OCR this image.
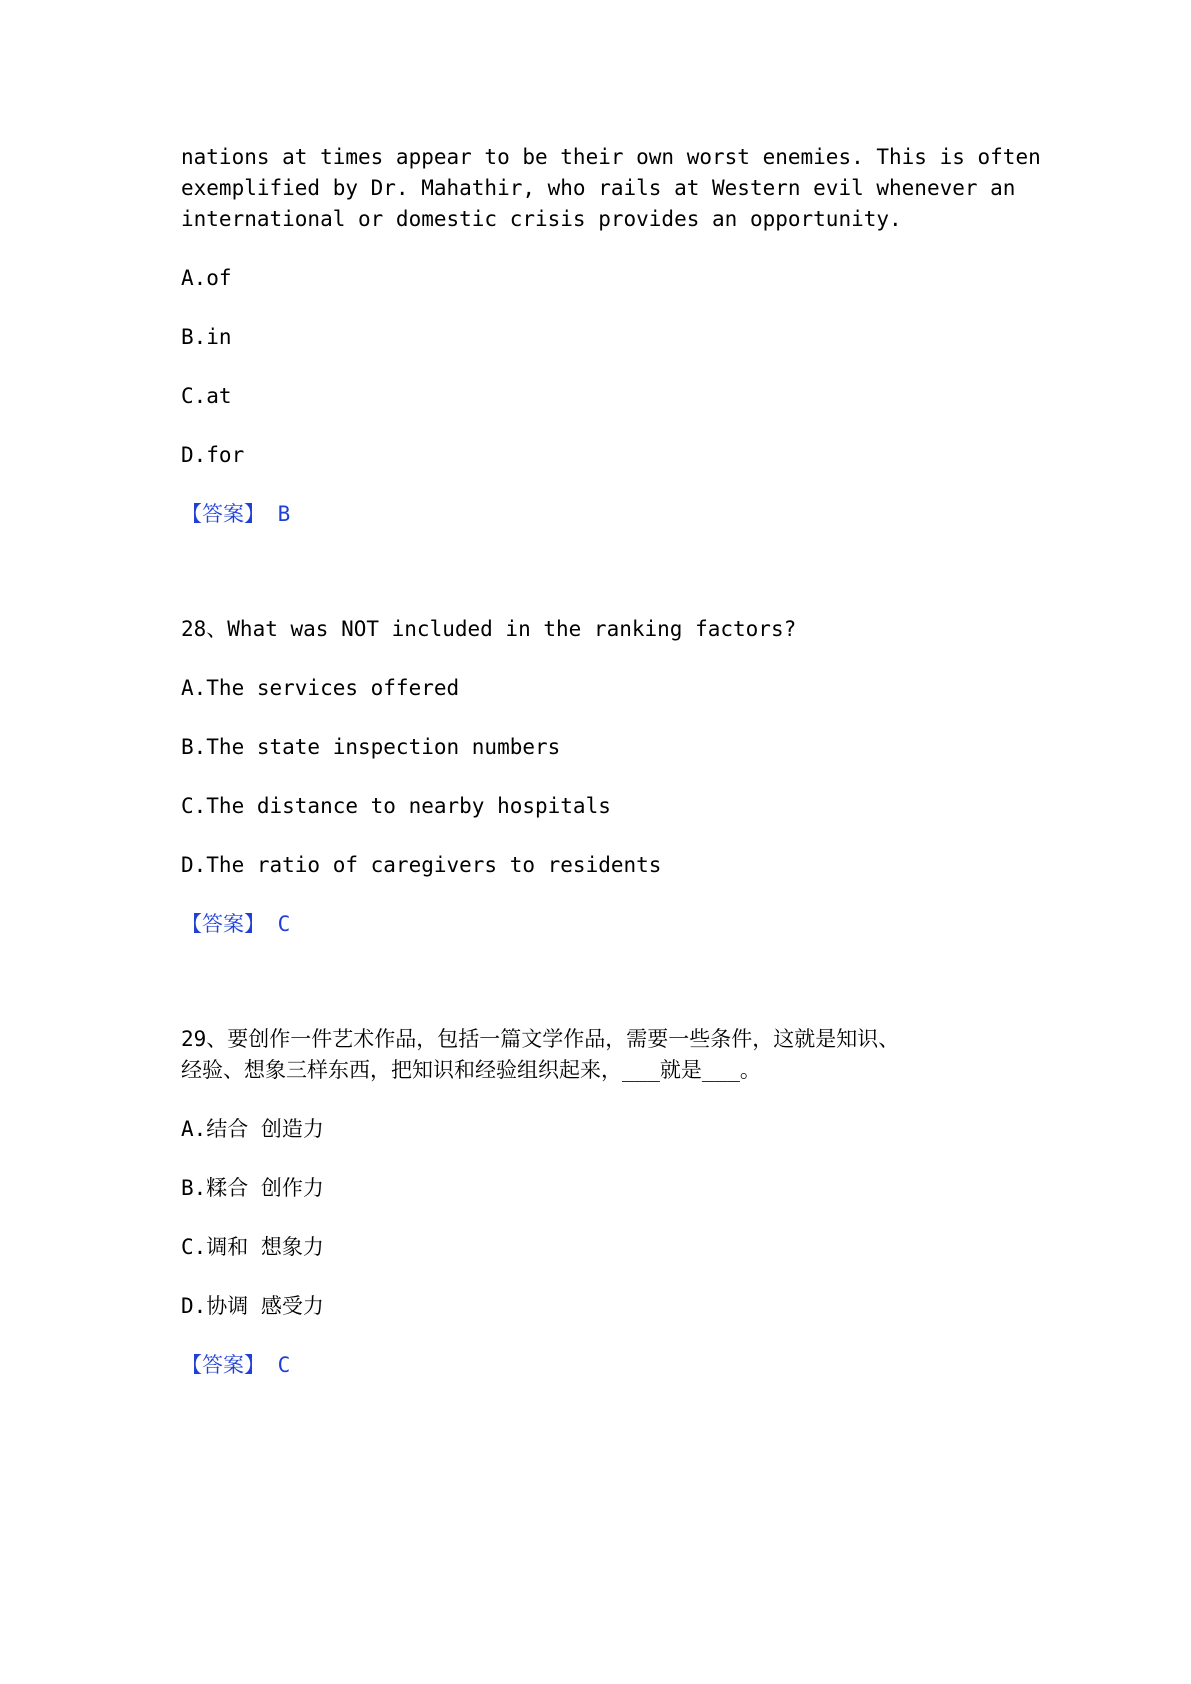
nations at times appear to be their own worst enemies. This is often

exemplified by Dr. Mahathir, who rails at Western evil whenever an

international or domestic crisis provides an opportunity.

A.of

B.in

C.at

D.for

【答案】 B

28、What was NOT included in the ranking factors?

A.The services offered

B.The state inspection numbers

C.The distance to nearby hospitals

D.The ratio of caregivers to residents

【答案】 C

29、要创作一件艺术作品，包括一篇文学作品，需要一些条件，这就是知识、

经验、想象三样东西，把知识和经验组织起来，___就是___。

A.结合 创造力

B.糅合 创作力

C.调和 想象力

D.协调 感受力

【答案】 C
